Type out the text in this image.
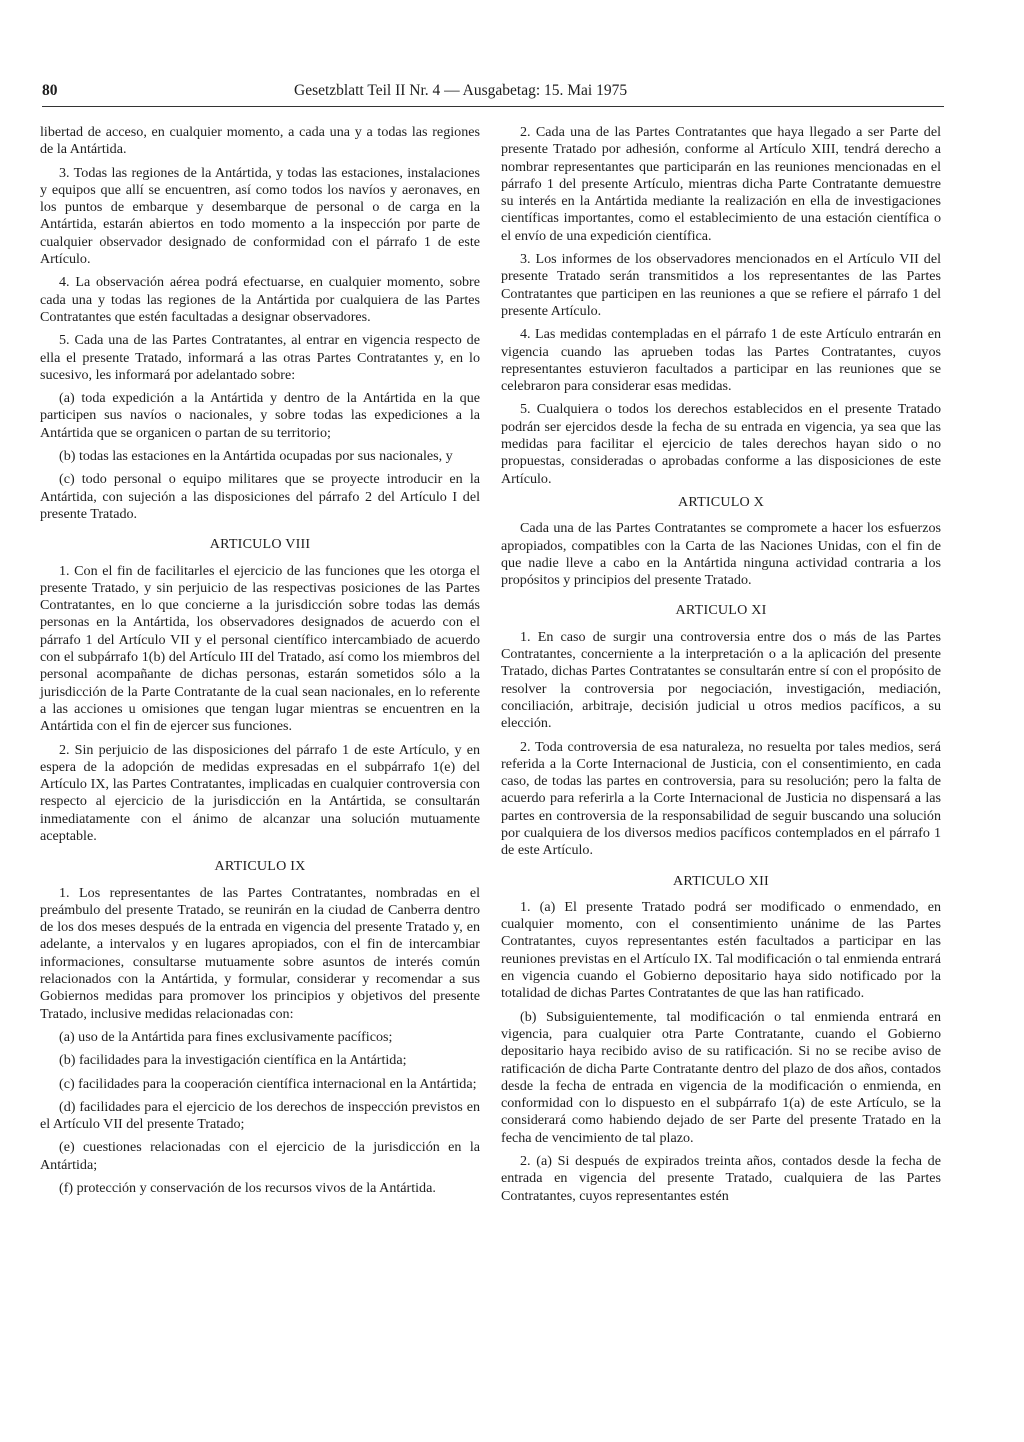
80	Gesetzblatt Teil II Nr. 4 — Ausgabetag: 15. Mai 1975

libertad de acceso, en cualquier momento, a cada una y a todas las regiones de la Antártida.

3. Todas las regiones de la Antártida, y todas las estaciones, instalaciones y equipos que allí se encuentren, así como todos los navíos y aeronaves, en los puntos de embarque y desembarque de personal o de carga en la Antártida, estarán abiertos en todo momento a la inspección por parte de cualquier observador designado de conformidad con el párrafo 1 de este Artículo.

4. La observación aérea podrá efectuarse, en cualquier momento, sobre cada una y todas las regiones de la Antártida por cualquiera de las Partes Contratantes que estén facultadas a designar observadores.

5. Cada una de las Partes Contratantes, al entrar en vigencia respecto de ella el presente Tratado, informará a las otras Partes Contratantes y, en lo sucesivo, les informará por adelantado sobre:

(a) toda expedición a la Antártida y dentro de la Antártida en la que participen sus navíos o nacionales, y sobre todas las expediciones a la Antártida que se organicen o partan de su territorio;

(b) todas las estaciones en la Antártida ocupadas por sus nacionales, y

(c) todo personal o equipo militares que se proyecte introducir en la Antártida, con sujeción a las disposiciones del párrafo 2 del Artículo I del presente Tratado.

ARTICULO VIII

1. Con el fin de facilitarles el ejercicio de las funciones que les otorga el presente Tratado, y sin perjuicio de las respectivas posiciones de las Partes Contratantes, en lo que concierne a la jurisdicción sobre todas las demás personas en la Antártida, los observadores designados de acuerdo con el párrafo 1 del Artículo VII y el personal científico intercambiado de acuerdo con el subpárrafo 1(b) del Artículo III del Tratado, así como los miembros del personal acompañante de dichas personas, estarán sometidos sólo a la jurisdicción de la Parte Contratante de la cual sean nacionales, en lo referente a las acciones u omisiones que tengan lugar mientras se encuentren en la Antártida con el fin de ejercer sus funciones.

2. Sin perjuicio de las disposiciones del párrafo 1 de este Artículo, y en espera de la adopción de medidas expresadas en el subpárrafo 1(e) del Artículo IX, las Partes Contratantes, implicadas en cualquier controversia con respecto al ejercicio de la jurisdicción en la Antártida, se consultarán inmediatamente con el ánimo de alcanzar una solución mutuamente aceptable.

ARTICULO IX

1. Los representantes de las Partes Contratantes, nombradas en el preámbulo del presente Tratado, se reunirán en la ciudad de Canberra dentro de los dos meses después de la entrada en vigencia del presente Tratado y, en adelante, a intervalos y en lugares apropiados, con el fin de intercambiar informaciones, consultarse mutuamente sobre asuntos de interés común relacionados con la Antártida, y formular, considerar y recomendar a sus Gobiernos medidas para promover los principios y objetivos del presente Tratado, inclusive medidas relacionadas con:

(a) uso de la Antártida para fines exclusivamente pacíficos;

(b) facilidades para la investigación científica en la Antártida;

(c) facilidades para la cooperación científica internacional en la Antártida;

(d) facilidades para el ejercicio de los derechos de inspección previstos en el Artículo VII del presente Tratado;

(e) cuestiones relacionadas con el ejercicio de la jurisdicción en la Antártida;

(f) protección y conservación de los recursos vivos de la Antártida.

2. Cada una de las Partes Contratantes que haya llegado a ser Parte del presente Tratado por adhesión, conforme al Artículo XIII, tendrá derecho a nombrar representantes que participarán en las reuniones mencionadas en el párrafo 1 del presente Artículo, mientras dicha Parte Contratante demuestre su interés en la Antártida mediante la realización en ella de investigaciones científicas importantes, como el establecimiento de una estación científica o el envío de una expedición científica.

3. Los informes de los observadores mencionados en el Artículo VII del presente Tratado serán transmitidos a los representantes de las Partes Contratantes que participen en las reuniones a que se refiere el párrafo 1 del presente Artículo.

4. Las medidas contempladas en el párrafo 1 de este Artículo entrarán en vigencia cuando las aprueben todas las Partes Contratantes, cuyos representantes estuvieron facultados a participar en las reuniones que se celebraron para considerar esas medidas.

5. Cualquiera o todos los derechos establecidos en el presente Tratado podrán ser ejercidos desde la fecha de su entrada en vigencia, ya sea que las medidas para facilitar el ejercicio de tales derechos hayan sido o no propuestas, consideradas o aprobadas conforme a las disposiciones de este Artículo.

ARTICULO X

Cada una de las Partes Contratantes se compromete a hacer los esfuerzos apropiados, compatibles con la Carta de las Naciones Unidas, con el fin de que nadie lleve a cabo en la Antártida ninguna actividad contraria a los propósitos y principios del presente Tratado.

ARTICULO XI

1. En caso de surgir una controversia entre dos o más de las Partes Contratantes, concerniente a la interpretación o a la aplicación del presente Tratado, dichas Partes Contratantes se consultarán entre sí con el propósito de resolver la controversia por negociación, investigación, mediación, conciliación, arbitraje, decisión judicial u otros medios pacíficos, a su elección.

2. Toda controversia de esa naturaleza, no resuelta por tales medios, será referida a la Corte Internacional de Justicia, con el consentimiento, en cada caso, de todas las partes en controversia, para su resolución; pero la falta de acuerdo para referirla a la Corte Internacional de Justicia no dispensará a las partes en controversia de la responsabilidad de seguir buscando una solución por cualquiera de los diversos medios pacíficos contemplados en el párrafo 1 de este Artículo.

ARTICULO XII

1. (a) El presente Tratado podrá ser modificado o enmendado, en cualquier momento, con el consentimiento unánime de las Partes Contratantes, cuyos representantes estén facultados a participar en las reuniones previstas en el Artículo IX. Tal modificación o tal enmienda entrará en vigencia cuando el Gobierno depositario haya sido notificado por la totalidad de dichas Partes Contratantes de que las han ratificado.

(b) Subsiguientemente, tal modificación o tal enmienda entrará en vigencia, para cualquier otra Parte Contratante, cuando el Gobierno depositario haya recibido aviso de su ratificación. Si no se recibe aviso de ratificación de dicha Parte Contratante dentro del plazo de dos años, contados desde la fecha de entrada en vigencia de la modificación o enmienda, en conformidad con lo dispuesto en el subpárrafo 1(a) de este Artículo, se la considerará como habiendo dejado de ser Parte del presente Tratado en la fecha de vencimiento de tal plazo.

2. (a) Si después de expirados treinta años, contados desde la fecha de entrada en vigencia del presente Tratado, cualquiera de las Partes Contratantes, cuyos representantes estén
